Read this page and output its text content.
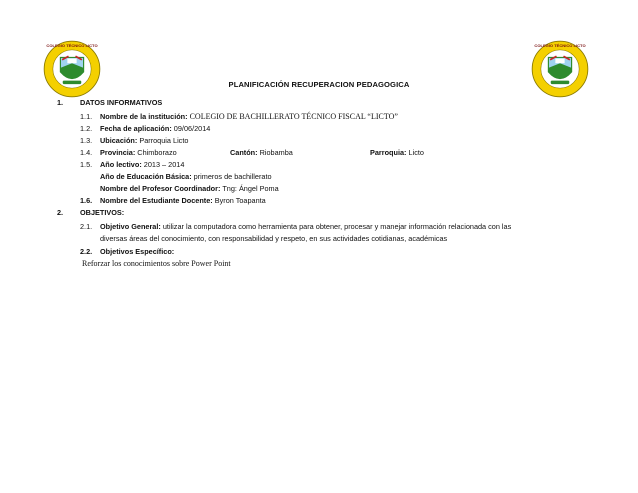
COLEGIO TÉCNICO LICTO	COLEGIO TÉCNICO LICTO
PLANIFICACIÓN RECUPERACION PEDAGOGICA
1. DATOS INFORMATIVOS
1.1. Nombre de la institución: COLEGIO DE BACHILLERATO TÉCNICO FISCAL “LICTO”
1.2. Fecha de aplicación: 09/06/2014
1.3. Ubicación: Parroquia Licto
1.4. Provincia: Chimborazo	Cantón: Riobamba	Parroquia: Licto
1.5. Año lectivo: 2013 – 2014
Año de Educación Básica: primeros de bachillerato
Nombre del Profesor Coordinador: Tng: Ángel Poma
1.6. Nombre del Estudiante Docente: Byron Toapanta
2. OBJETIVOS:
2.1. Objetivo General: utilizar la computadora como herramienta para obtener, procesar y manejar información relacionada con las
diversas áreas del conocimiento, con responsabilidad y respeto, en sus actividades cotidianas, académicas
2.2. Objetivos Específico:
Reforzar los conocimientos sobre Power Point
